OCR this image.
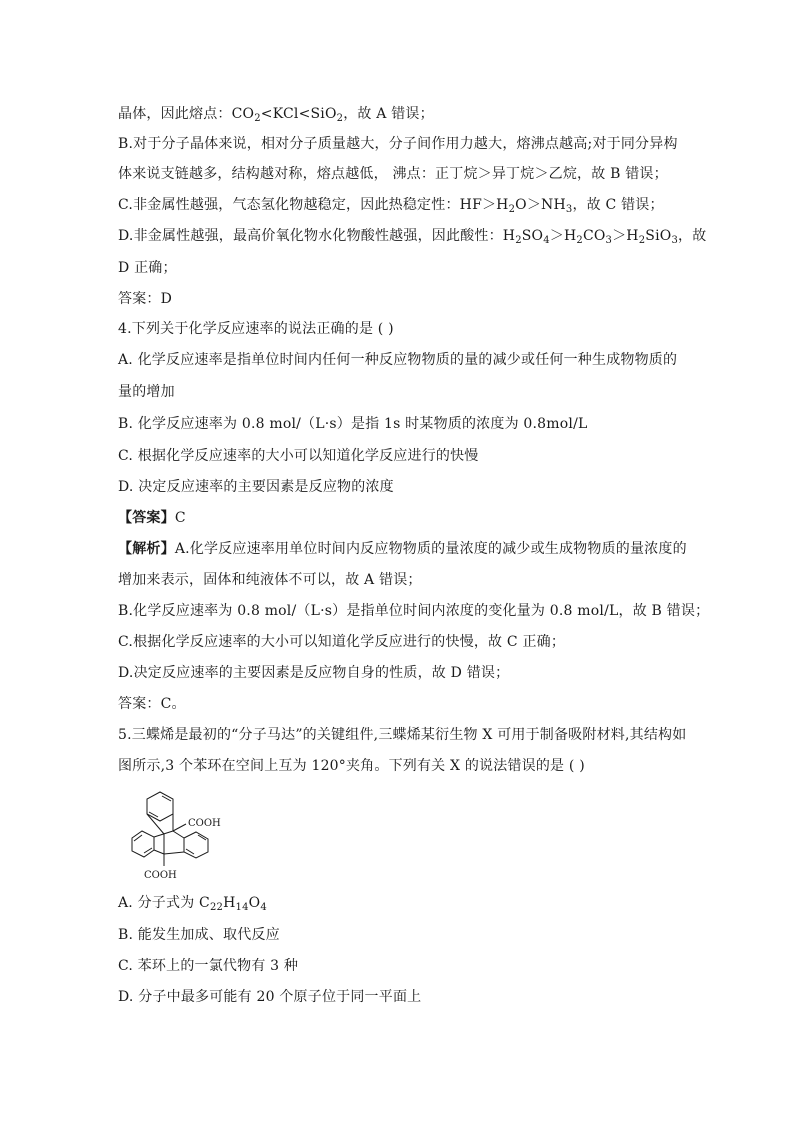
晶体，因此熔点：$CO_2<KCl<SiO_2$，故 A 错误；
B.对于分子晶体来说，相对分子质量越大，分子间作用力越大，熔沸点越高;对于同分异构
体来说支链越多，结构越对称，熔点越低， 沸点：正丁烷＞异丁烷＞乙烷，故 B 错误；
C.非金属性越强，气态氢化物越稳定，因此热稳定性：$HF>H_2O>NH_3$，故 C 错误；
D.非金属性越强，最高价氧化物水化物酸性越强，因此酸性：$H_2SO_4>H_2CO_3>H_2SiO_3$，故
D 正确；
答案：D
4.下列关于化学反应速率的说法正确的是 ( )
A. 化学反应速率是指单位时间内任何一种反应物物质的量的减少或任何一种生成物物质的
量的增加
B. 化学反应速率为 0.8 mol/（L·s）是指 1s 时某物质的浓度为 0.8mol/L
C. 根据化学反应速率的大小可以知道化学反应进行的快慢
D. 决定反应速率的主要因素是反应物的浓度
【答案】C
【解析】A.化学反应速率用单位时间内反应物物质的量浓度的减少或生成物物质的量浓度的
增加来表示，固体和纯液体不可以，故 A 错误；
B.化学反应速率为 0.8 mol/（L·s）是指单位时间内浓度的变化量为 0.8 mol/L，故 B 错误；
C.根据化学反应速率的大小可以知道化学反应进行的快慢，故 C 正确；
D.决定反应速率的主要因素是反应物自身的性质，故 D 错误；
答案：C。
5.三蝶烯是最初的“分子马达”的关键组件,三蝶烯某衍生物 X 可用于制备吸附材料,其结构如
图所示,3 个苯环在空间上互为 120°夹角。下列有关 X 的说法错误的是 ( )
COOH
COOH
A. 分子式为 $C_{22}H_{14}O_4$
B. 能发生加成、取代反应
C. 苯环上的一氯代物有 3 种
D. 分子中最多可能有 20 个原子位于同一平面上
